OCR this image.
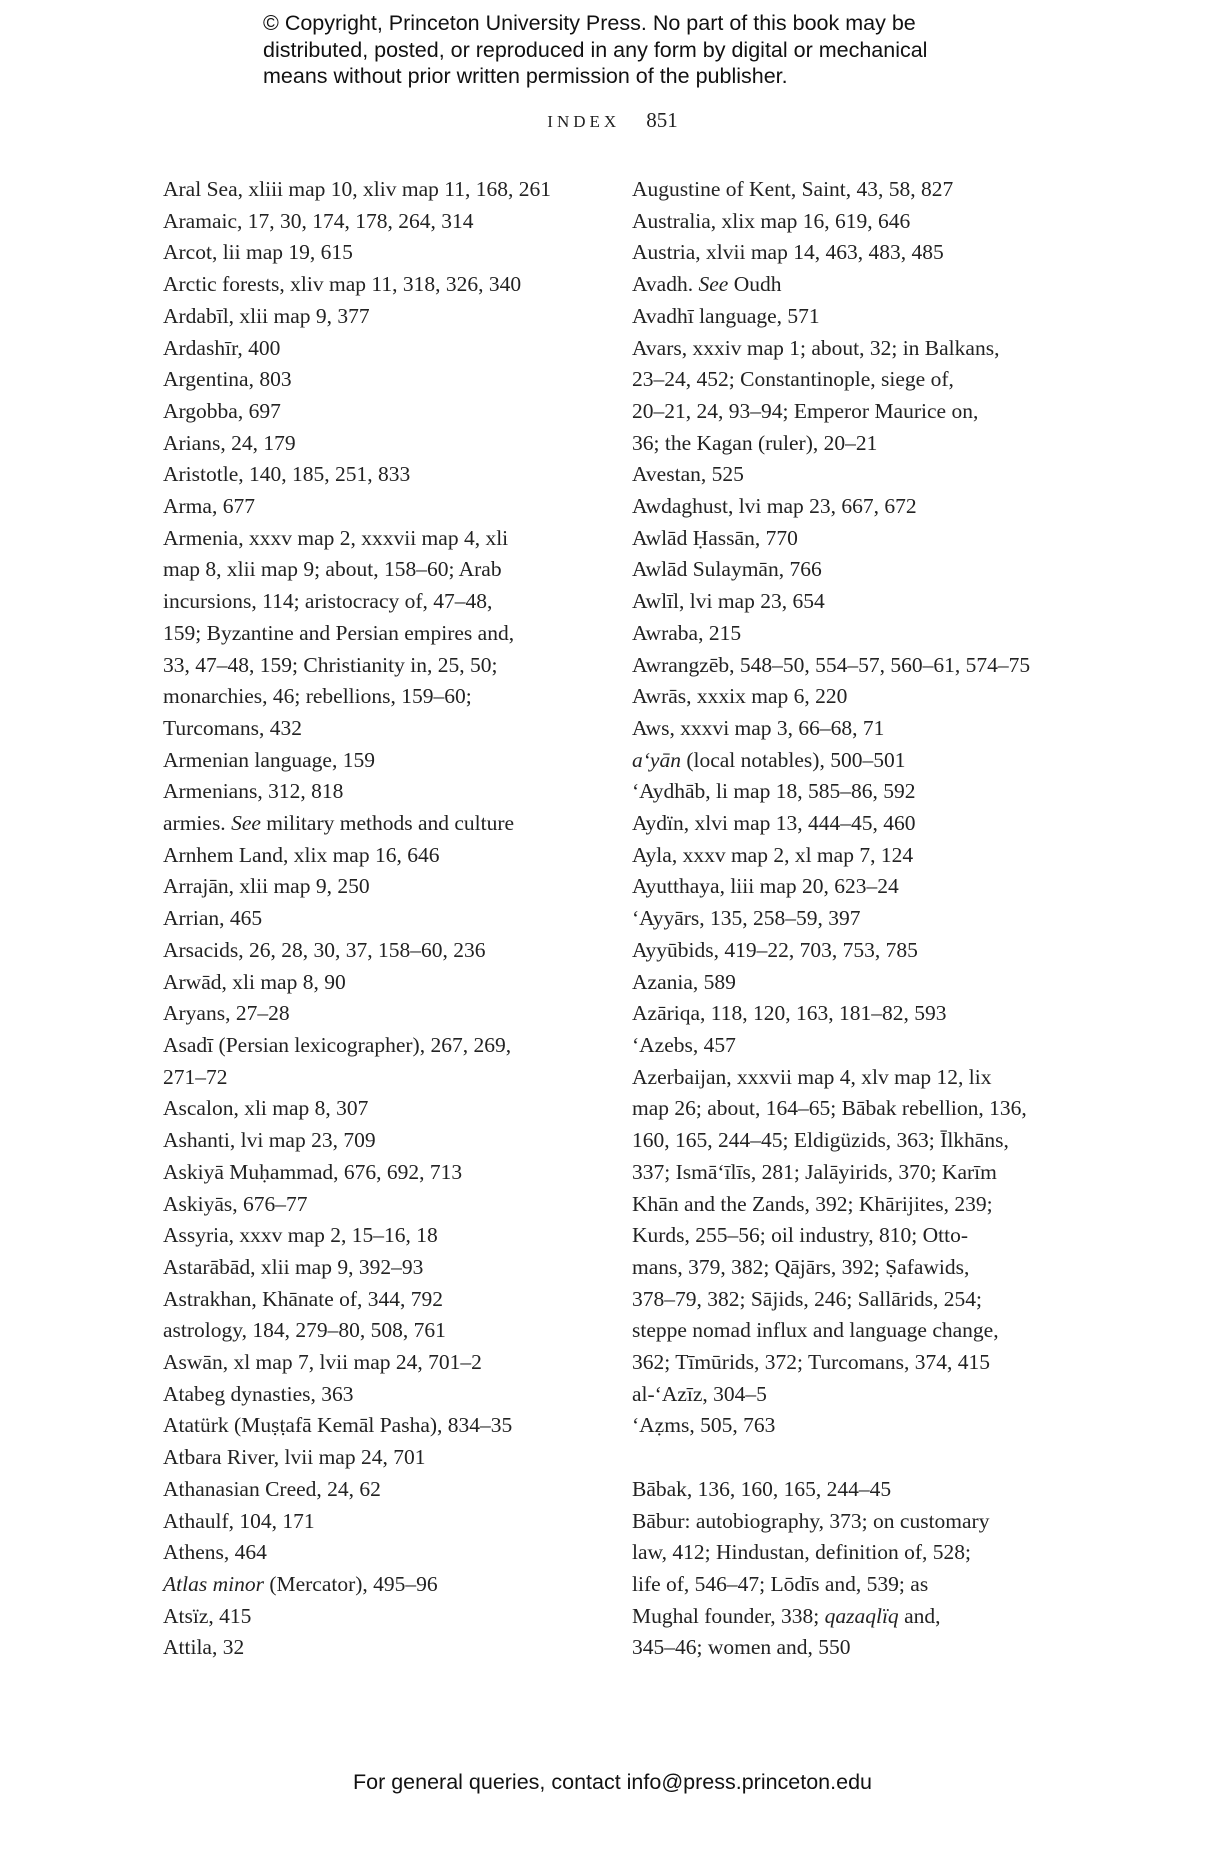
© Copyright, Princeton University Press. No part of this book may be
distributed, posted, or reproduced in any form by digital or mechanical
means without prior written permission of the publisher.
INDEX 851
Aral Sea, xliii map 10, xliv map 11, 168, 261
Aramaic, 17, 30, 174, 178, 264, 314
Arcot, lii map 19, 615
Arctic forests, xliv map 11, 318, 326, 340
Ardabīl, xlii map 9, 377
Ardashīr, 400
Argentina, 803
Argobba, 697
Arians, 24, 179
Aristotle, 140, 185, 251, 833
Arma, 677
Armenia, xxxv map 2, xxxvii map 4, xli
map 8, xlii map 9; about, 158–60; Arab
incursions, 114; aristocracy of, 47–48,
159; Byzantine and Persian empires and,
33, 47–48, 159; Christianity in, 25, 50;
monarchies, 46; rebellions, 159–60;
Turcomans, 432
Armenian language, 159
Armenians, 312, 818
armies. See military methods and culture
Arnhem Land, xlix map 16, 646
Arrajān, xlii map 9, 250
Arrian, 465
Arsacids, 26, 28, 30, 37, 158–60, 236
Arwād, xli map 8, 90
Aryans, 27–28
Asadī (Persian lexicographer), 267, 269,
271–72
Ascalon, xli map 8, 307
Ashanti, lvi map 23, 709
Askiyā Muḥammad, 676, 692, 713
Askiyās, 676–77
Assyria, xxxv map 2, 15–16, 18
Astarābād, xlii map 9, 392–93
Astrakhan, Khānate of, 344, 792
astrology, 184, 279–80, 508, 761
Aswān, xl map 7, lvii map 24, 701–2
Atabeg dynasties, 363
Atatürk (Muṣṭafā Kemāl Pasha), 834–35
Atbara River, lvii map 24, 701
Athanasian Creed, 24, 62
Athaulf, 104, 171
Athens, 464
Atlas minor (Mercator), 495–96
Atsïz, 415
Attila, 32
Augustine of Kent, Saint, 43, 58, 827
Australia, xlix map 16, 619, 646
Austria, xlvii map 14, 463, 483, 485
Avadh. See Oudh
Avadhī language, 571
Avars, xxxiv map 1; about, 32; in Balkans,
23–24, 452; Constantinople, siege of,
20–21, 24, 93–94; Emperor Maurice on,
36; the Kagan (ruler), 20–21
Avestan, 525
Awdaghust, lvi map 23, 667, 672
Awlād Ḥassān, 770
Awlād Sulaymān, 766
Awlīl, lvi map 23, 654
Awraba, 215
Awrangzēb, 548–50, 554–57, 560–61, 574–75
Awrās, xxxix map 6, 220
Aws, xxxvi map 3, 66–68, 71
a‘yān (local notables), 500–501
‘Aydhāb, li map 18, 585–86, 592
Aydïn, xlvi map 13, 444–45, 460
Ayla, xxxv map 2, xl map 7, 124
Ayutthaya, liii map 20, 623–24
‘Ayyārs, 135, 258–59, 397
Ayyūbids, 419–22, 703, 753, 785
Azania, 589
Azāriqa, 118, 120, 163, 181–82, 593
‘Azebs, 457
Azerbaijan, xxxvii map 4, xlv map 12, lix
map 26; about, 164–65; Bābak rebellion, 136,
160, 165, 244–45; Eldigüzids, 363; Īlkhāns,
337; Ismā‘īlīs, 281; Jalāyirids, 370; Karīm
Khān and the Zands, 392; Khārijites, 239;
Kurds, 255–56; oil industry, 810; Otto-
mans, 379, 382; Qājārs, 392; Ṣafawids,
378–79, 382; Sājids, 246; Sallārids, 254;
steppe nomad influx and language change,
362; Tīmūrids, 372; Turcomans, 374, 415
al-‘Azīz, 304–5
‘Aẓms, 505, 763
Bābak, 136, 160, 165, 244–45
Bābur: autobiography, 373; on customary
law, 412; Hindustan, definition of, 528;
life of, 546–47; Lōdīs and, 539; as
Mughal founder, 338; qazaqlïq and,
345–46; women and, 550
For general queries, contact info@press.princeton.edu
